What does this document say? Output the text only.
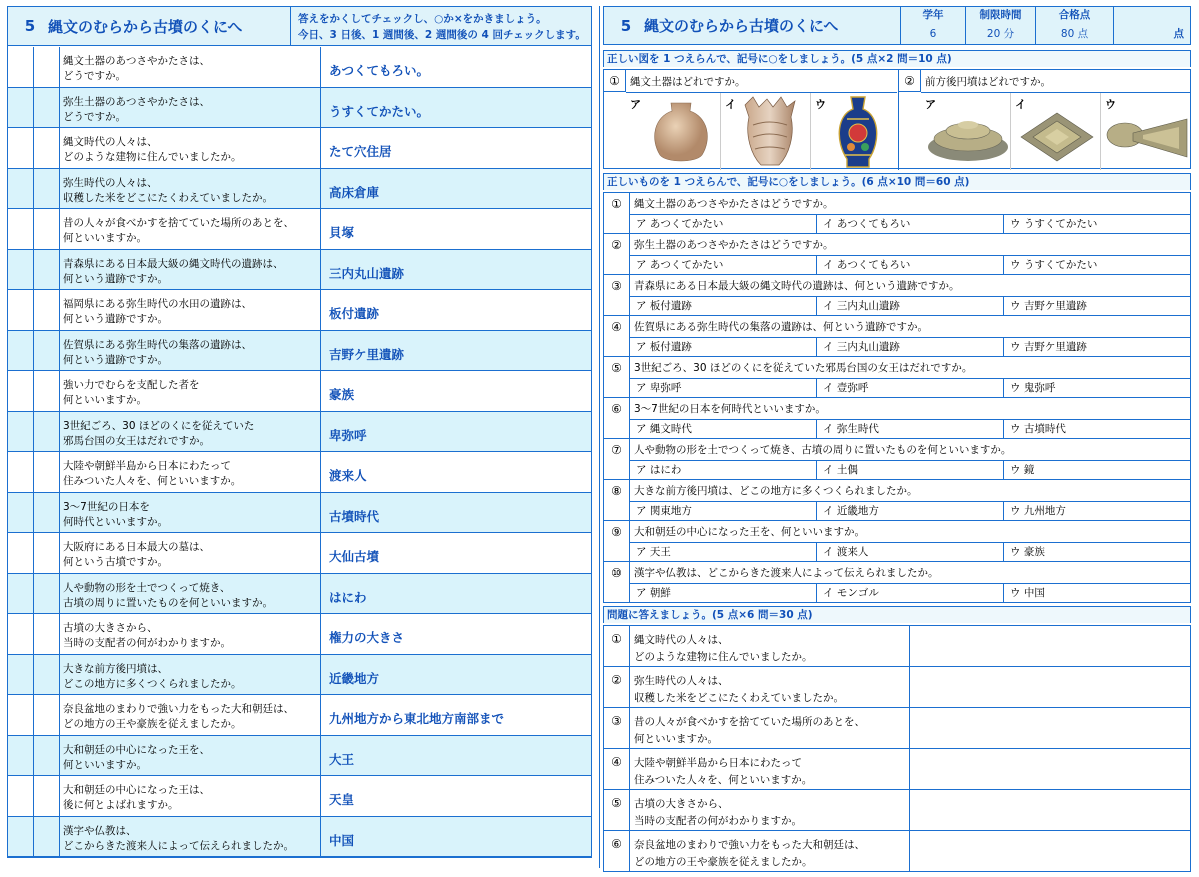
5 縄文のむらから古墳のくにへ	答えをかくしてチェックし、○か×をかきましょう。
今日、3 日後、1 週間後、2 週間後の 4 回チェックします。
縄文土器のあつさやかたさは、
どうですか。	あつくてもろい。
弥生土器のあつさやかたさは、
どうですか。	うすくてかたい。
縄文時代の人々は、
どのような建物に住んでいましたか。	たて穴住居
弥生時代の人々は、
収穫した米をどこにたくわえていましたか。	高床倉庫
昔の人々が食べかすを捨てていた場所のあとを、
何といいますか。	貝塚
青森県にある日本最大級の縄文時代の遺跡は、
何という遺跡ですか。	三内丸山遺跡
福岡県にある弥生時代の水田の遺跡は、
何という遺跡ですか。	板付遺跡
佐賀県にある弥生時代の集落の遺跡は、
何という遺跡ですか。	吉野ケ里遺跡
強い力でむらを支配した者を
何といいますか。	豪族
3世紀ごろ、30 ほどのくにを従えていた
邪馬台国の女王はだれですか。	卑弥呼
大陸や朝鮮半島から日本にわたって
住みついた人々を、何といいますか。	渡来人
3～7世紀の日本を
何時代といいますか。	古墳時代
大阪府にある日本最大の墓は、
何という古墳ですか。	大仙古墳
人や動物の形を土でつくって焼き、
古墳の周りに置いたものを何といいますか。	はにわ
古墳の大きさから、
当時の支配者の何がわかりますか。	権力の大きさ
大きな前方後円墳は、
どこの地方に多くつくられましたか。	近畿地方
奈良盆地のまわりで強い力をもった大和朝廷は、
どの地方の王や豪族を従えましたか。	九州地方から東北地方南部まで
大和朝廷の中心になった王を、
何といいますか。	大王
大和朝廷の中心になった王は、
後に何とよばれますか。	天皇
漢字や仏教は、
どこからきた渡来人によって伝えられましたか。	中国
5 縄文のむらから古墳のくにへ
学年
6
制限時間
20 分
合格点
80 点	点
正しい図を 1 つえらんで、記号に○をしましょう。(5 点×2 問＝10 点)
① 縄文土器はどれですか。
ア	イ	ウ
② 前方後円墳はどれですか。
ア	イ	ウ
正しいものを 1 つえらんで、記号に○をしましょう。(6 点×10 問＝60 点)
①	縄文土器のあつさやかたさはどうですか。
ア あつくてかたい	イ あつくてもろい	ウ うすくてかたい
②	弥生土器のあつさやかたさはどうですか。
ア あつくてかたい	イ あつくてもろい	ウ うすくてかたい
③	青森県にある日本最大級の縄文時代の遺跡は、何という遺跡ですか。
ア 板付遺跡	イ 三内丸山遺跡	ウ 吉野ケ里遺跡
④	佐賀県にある弥生時代の集落の遺跡は、何という遺跡ですか。
ア 板付遺跡	イ 三内丸山遺跡	ウ 吉野ケ里遺跡
⑤	3世紀ごろ、30 ほどのくにを従えていた邪馬台国の女王はだれですか。
ア 卑弥呼	イ 壹弥呼	ウ 鬼弥呼
⑥	3～7世紀の日本を何時代といいますか。
ア 縄文時代	イ 弥生時代	ウ 古墳時代
⑦	人や動物の形を土でつくって焼き、古墳の周りに置いたものを何といいますか。
ア はにわ	イ 土偶	ウ 鏡
⑧	大きな前方後円墳は、どこの地方に多くつくられましたか。
ア 関東地方	イ 近畿地方	ウ 九州地方
⑨	大和朝廷の中心になった王を、何といいますか。
ア 天王	イ 渡来人	ウ 豪族
⑩	漢字や仏教は、どこからきた渡来人によって伝えられましたか。
ア 朝鮮	イ モンゴル	ウ 中国
問題に答えましょう。(5 点×6 問＝30 点)
①	縄文時代の人々は、
どのような建物に住んでいましたか。
②	弥生時代の人々は、
収穫した米をどこにたくわえていましたか。
③	昔の人々が食べかすを捨てていた場所のあとを、
何といいますか。
④	大陸や朝鮮半島から日本にわたって
住みついた人々を、何といいますか。
⑤	古墳の大きさから、
当時の支配者の何がわかりますか。
⑥	奈良盆地のまわりで強い力をもった大和朝廷は、
どの地方の王や豪族を従えましたか。
